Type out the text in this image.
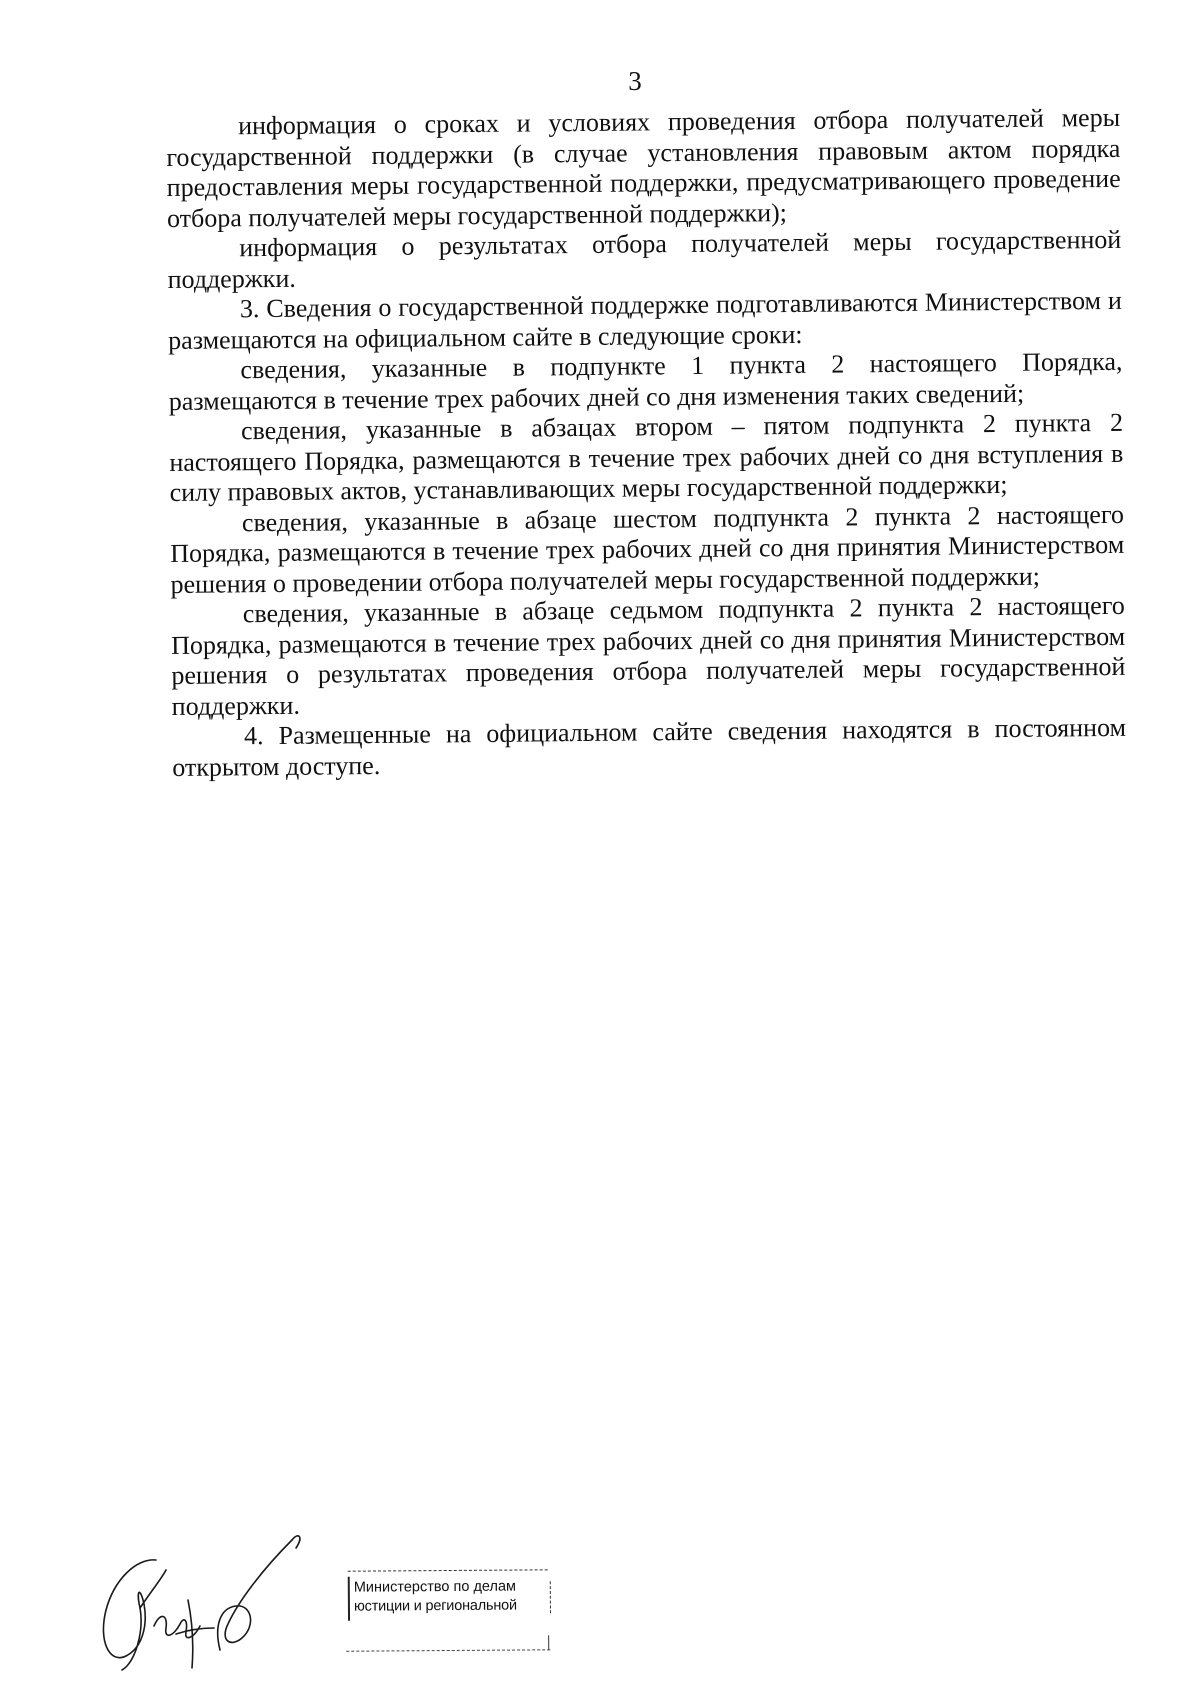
3

информация о сроках и условиях проведения отбора получателей меры государственной поддержки (в случае установления правовым актом порядка предоставления меры государственной поддержки, предусматривающего проведение отбора получателей меры государственной поддержки);

информация о результатах отбора получателей меры государственной поддержки.

3. Сведения о государственной поддержке подготавливаются Министерством и размещаются на официальном сайте в следующие сроки:

сведения, указанные в подпункте 1 пункта 2 настоящего Порядка, размещаются в течение трех рабочих дней со дня изменения таких сведений;

сведения, указанные в абзацах втором – пятом подпункта 2 пункта 2 настоящего Порядка, размещаются в течение трех рабочих дней со дня вступления в силу правовых актов, устанавливающих меры государственной поддержки;

сведения, указанные в абзаце шестом подпункта 2 пункта 2 настоящего Порядка, размещаются в течение трех рабочих дней со дня принятия Министерством решения о проведении отбора получателей меры государственной поддержки;

сведения, указанные в абзаце седьмом подпункта 2 пункта 2 настоящего Порядка, размещаются в течение трех рабочих дней со дня принятия Министерством решения о результатах проведения отбора получателей меры государственной поддержки.

4. Размещенные на официальном сайте сведения находятся в постоянном открытом доступе.

Министерство по делам
юстиции и региональной
